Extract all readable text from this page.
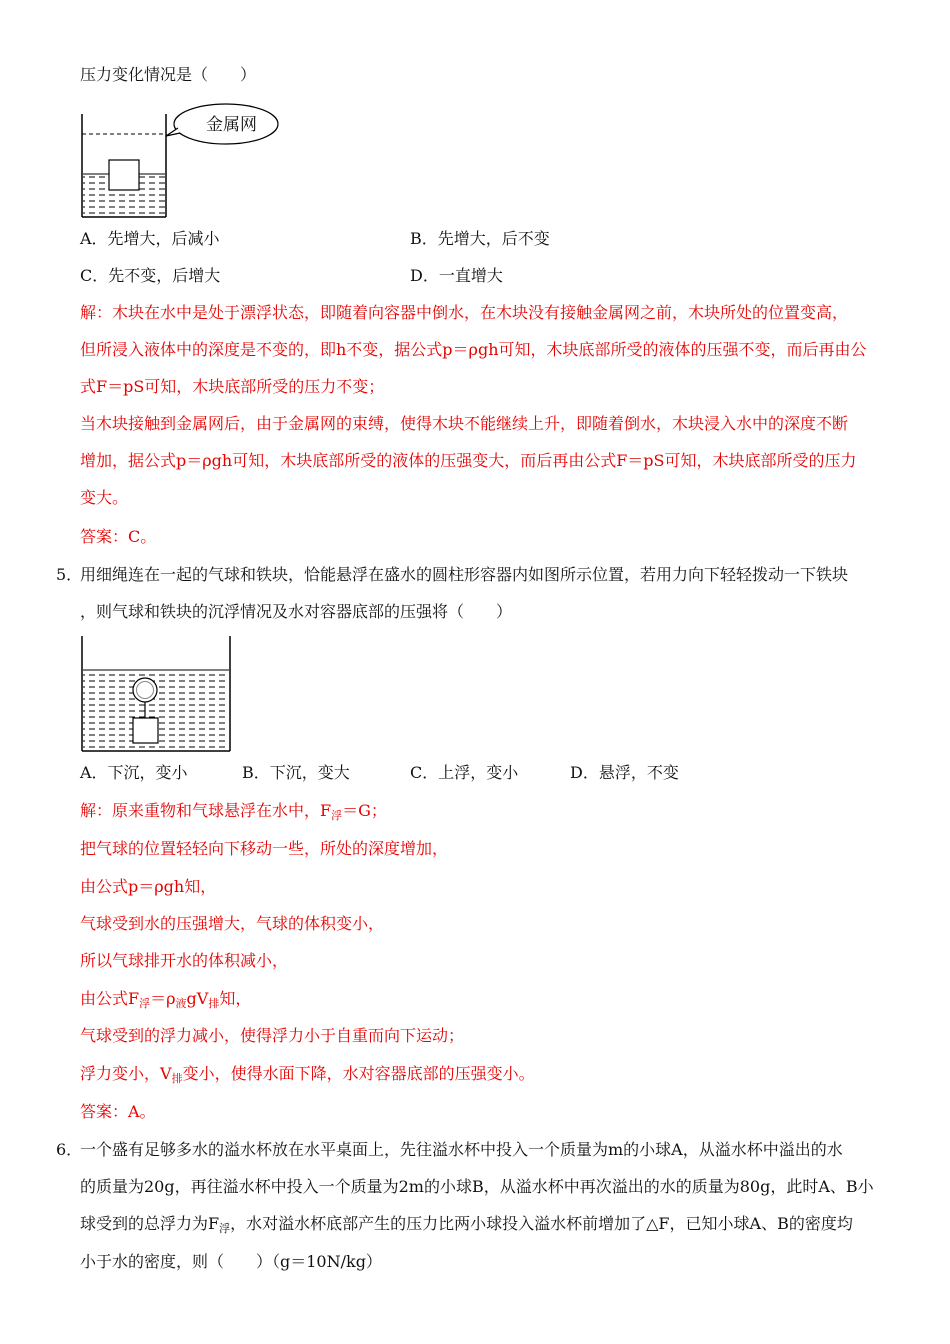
压力变化情况是（　　）
金属网
A．先增大，后减小	B．先增大，后不变
C．先不变，后增大	D．一直增大
解：木块在水中是处于漂浮状态，即随着向容器中倒水，在木块没有接触金属网之前，木块所处的位置变高，
但所浸入液体中的深度是不变的，即h不变，据公式p＝ρgh可知，木块底部所受的液体的压强不变，而后再由公
式F＝pS可知，木块底部所受的压力不变；
当木块接触到金属网后，由于金属网的束缚，使得木块不能继续上升，即随着倒水，木块浸入水中的深度不断
增加，据公式p＝ρgh可知，木块底部所受的液体的压强变大，而后再由公式F＝pS可知，木块底部所受的压力
变大。
答案：C。
5．
用细绳连在一起的气球和铁块，恰能悬浮在盛水的圆柱形容器内如图所示位置，若用力向下轻轻拨动一下铁块
，则气球和铁块的沉浮情况及水对容器底部的压强将（　　）
A．下沉，变小	B．下沉，变大	C．上浮，变小	D．悬浮，不变
解：原来重物和气球悬浮在水中，$F_浮=G$；
把气球的位置轻轻向下移动一些，所处的深度增加，
由公式p＝ρgh知，
气球受到水的压强增大，气球的体积变小，
所以气球排开水的体积减小，
由公式$F_浮=\rho_液gV_排$知，
气球受到的浮力减小，使得浮力小于自重而向下运动；
浮力变小，$V_排$变小，使得水面下降，水对容器底部的压强变小。
答案：A。
6．
一个盛有足够多水的溢水杯放在水平桌面上，先往溢水杯中投入一个质量为m的小球A，从溢水杯中溢出的水
的质量为20g，再往溢水杯中投入一个质量为2m的小球B，从溢水杯中再次溢出的水的质量为80g，此时A、B小
球受到的总浮力为$F_浮$，水对溢水杯底部产生的压力比两小球投入溢水杯前增加了△F，已知小球A、B的密度均
小于水的密度，则（　　）（g＝10N/kg）
